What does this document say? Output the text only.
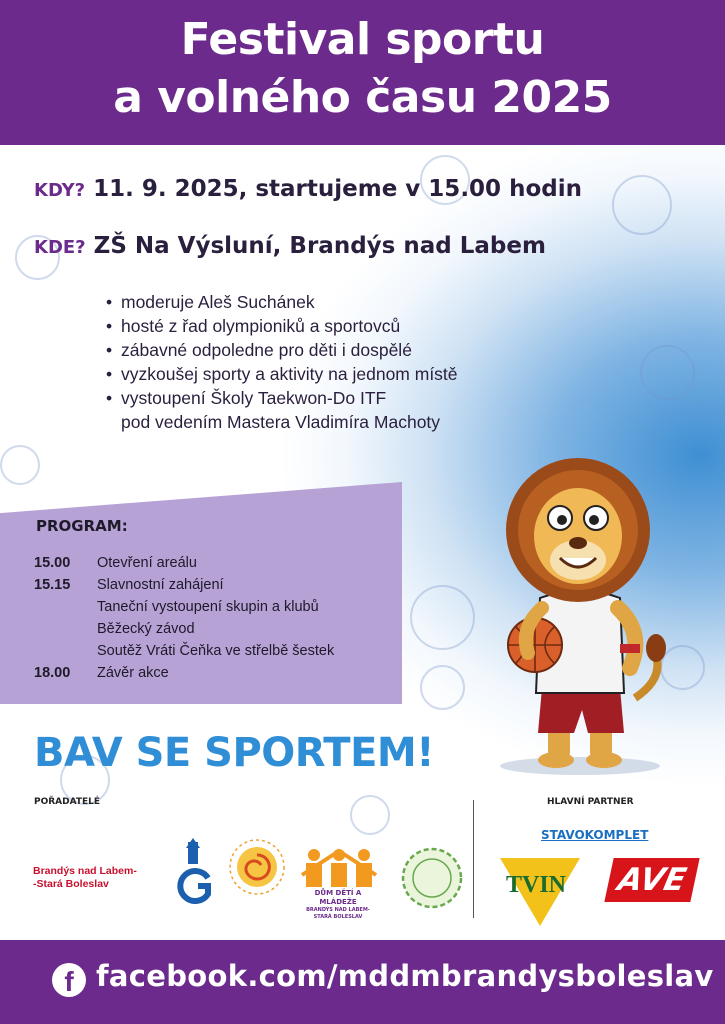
Festival sportu
a volného času 2025
KDY? 11. 9. 2025, startujeme v 15.00 hodin
KDE? ZŠ Na Výsluní, Brandýs nad Labem
• moderuje Aleš Suchánek
• hosté z řad olympioniků a sportovců
• zábavné odpoledne pro děti i dospělé
• vyzkoušej sporty a aktivity na jednom místě
• vystoupení Školy Taekwon-Do ITF
pod vedením Mastera Vladimíra Machoty
PROGRAM:
15.00	Otevření areálu
15.15	Slavnostní zahájení
Taneční vystoupení skupin a klubů
Běžecký závod
Soutěž Vráti Čeňka ve střelbě šestek
18.00	Závěr akce
BAV SE SPORTEM!
POŘADATELÉ	HLAVNÍ PARTNER
Brandýs nad Labem-
-Stará Boleslav
DŮM DĚTÍ A MLÁDEŽE
BRANDÝS NAD LABEM-STARÁ BOLESLAV
STAVOKOMPLET
TVIN	AVE
f facebook.com/mddmbrandysboleslav
